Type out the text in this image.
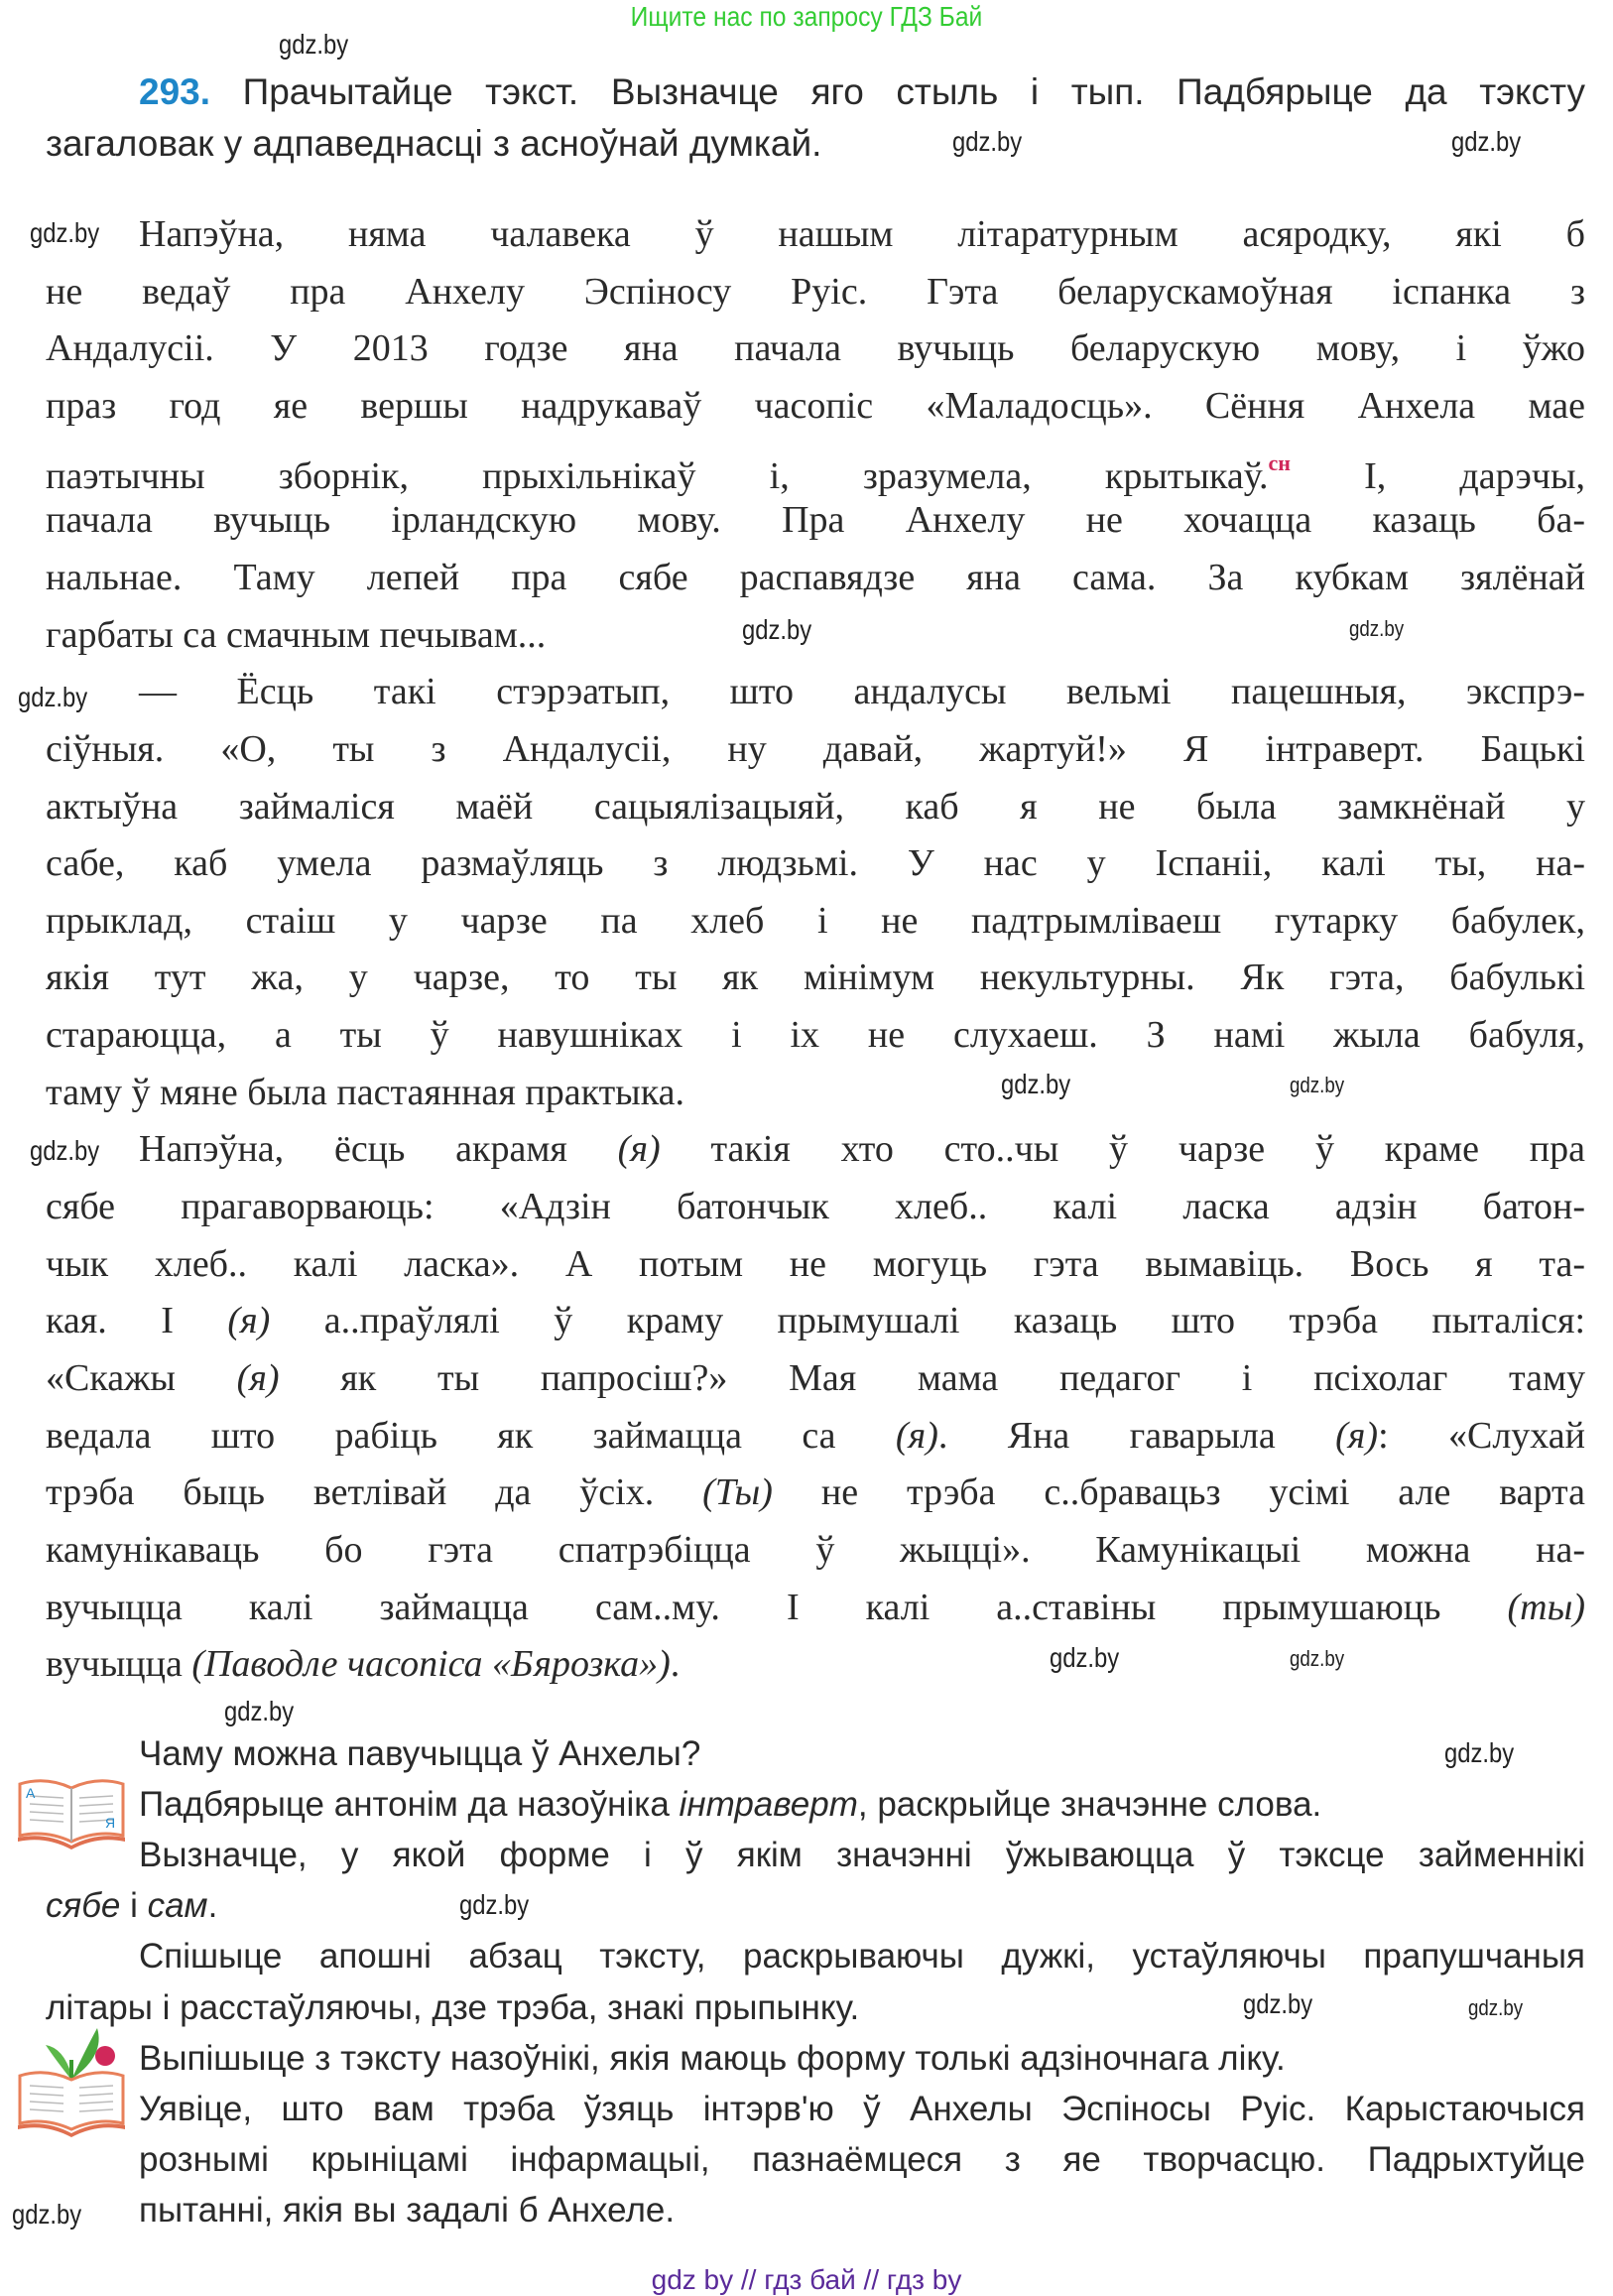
Ищите нас по запросу ГДЗ Бай
293. Прачытайце тэкст. Вызначце яго стыль і тып. Падбярыце да тэксту
загаловак у адпаведнасці з асноўнай думкай.
Напэўна, няма чалавека ў нашым літаратурным асяродку, які б
не ведаў пра Анхелу Эспіносу Руіс. Гэта беларускамоўная іспанка з
Андалусіі. У 2013 годзе яна пачала вучыць беларускую мову, і ўжо
праз год яе вершы надрукаваў часопіс «Маладосць». Сёння Анхела мае
паэтычны зборнік, прыхільнікаў і, зразумела, крытыкаў.$^{сн}$ І, дарэчы,
пачала вучыць ірландскую мову. Пра Анхелу не хочацца казаць ба-
нальнае. Таму лепей пра сябе распавядзе яна сама. За кубкам зялёнай
гарбаты са смачным печывам...
— Ёсць такі стэрэатып, што андалусы вельмі пацешныя, экспрэ-
сіўныя. «О, ты з Андалусіі, ну давай, жартуй!» Я інтраверт. Бацькі
актыўна займаліся маёй сацыялізацыяй, каб я не была замкнёнай у
сабе, каб умела размаўляць з людзьмі. У нас у Іспаніі, калі ты, на-
прыклад, стаіш у чарзе па хлеб і не падтрымліваеш гутарку бабулек,
якія тут жа, у чарзе, то ты як мінімум некультурны. Як гэта, бабулькі
стараюцца, а ты ў навушніках і іх не слухаеш. З намі жыла бабуля,
таму ў мяне была пастаянная практыка.
Напэўна, ёсць акрамя (я) такія хто сто..чы ў чарзе ў краме пра
сябе прагаворваюць: «Адзін батончык хлеб.. калі ласка адзін батон-
чык хлеб.. калі ласка». А потым не могуць гэта вымавіць. Вось я та-
кая. І (я) а..праўлялі ў краму прымушалі казаць што трэба пыталіся:
«Скажы (я) як ты папросіш?» Мая мама педагог і псіхолаг таму
ведала што рабіць як займацца са (я). Яна гаварыла (я): «Слухай
трэба быць ветлівай да ўсіх. (Ты) не трэба с..бравацьз усімі але варта
камунікаваць бо гэта спатрэбіцца ў жыцці». Камунікацыі можна на-
вучыцца калі займацца сам..му. І калі а..ставіны прымушаюць (ты)
вучыцца (Паводле часопіса «Бярозка»).
Чаму можна павучыцца ў Анхелы?
Падбярыце антонім да назоўніка інтраверт, раскрыйце значэнне слова.
Вызначце, у якой форме і ў якім значэнні ўжываюцца ў тэксце займеннікі
сябе і сам.
Спішыце апошні абзац тэксту, раскрываючы дужкі, устаўляючы прапушчаныя
літары і расстаўляючы, дзе трэба, знакі прыпынку.
Выпішыце з тэксту назоўнікі, якія маюць форму толькі адзіночнага ліку.
Уявіце, што вам трэба ўзяць інтэрв'ю ў Анхелы Эспіносы Руіс. Карыстаючыся
рознымі крыніцамі інфармацыі, пазнаёмцеся з яе творчасцю. Падрыхтуйце
пытанні, якія вы задалі б Анхеле.
А
Я
gdz.by
gdz.by
gdz.by
gdz.by
gdz.by	gdz.by
gdz.by
gdz.by
gdz.by
gdz.by
gdz.by
gdz.by
gdz.by
gdz.by
gdz.by
gdz.by	gdz.by
gdz.by
gdz by // гдз бай // гдз by
